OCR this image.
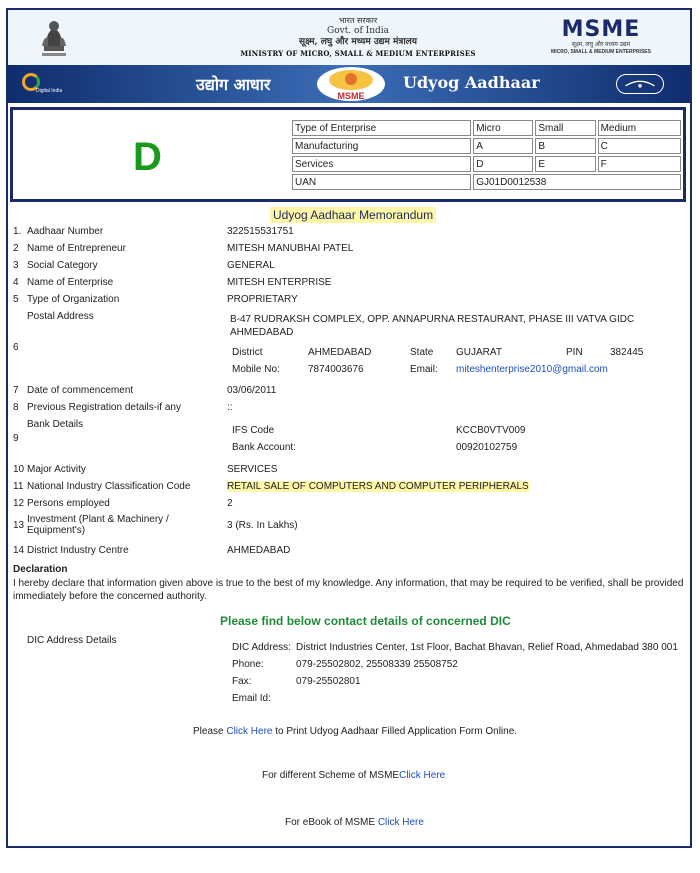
भारत सरकार
Govt. of India
सूक्ष्म, लघु और मध्यम उद्यम मंत्रालय
MINISTRY OF MICRO, SMALL & MEDIUM ENTERPRISES
MSME
सूक्ष्म, लघु और मध्यम उद्यम
MICRO, SMALL & MEDIUM ENTERPRISES
Digital India	उद्योग आधार
MSME
Udyog Aadhaar
D
Type of Enterprise	Micro	Small	Medium
Manufacturing	A	B	C
Services	D	E	F
UAN	GJ01D0012538		
Udyog Aadhaar Memorandum
1. Aadhaar Number	322515531751
2 Name of Entrepreneur	MITESH MANUBHAI PATEL
3 Social Category	GENERAL
4 Name of Enterprise	MITESH ENTERPRISE
5 Type of Organization	PROPRIETARY
Postal Address	B-47 RUDRAKSH COMPLEX, OPP. ANNAPURNA RESTAURANT, PHASE III VATVA GIDC
AHMEDABAD
6	District	AHMEDABAD	State GUJARAT	PIN	382445
Mobile No:	7874003676	Email: miteshenterprise2010@gmail.com
7 Date of commencement	03/06/2011
8 Previous Registration details-if any	::
Bank Details
IFS Code	KCCB0VTV009
9
Bank Account:	00920102759
10 Major Activity	SERVICES
11 National Industry Classification Code	RETAIL SALE OF COMPUTERS AND COMPUTER PERIPHERALS
12 Persons employed	2
Investment (Plant & Machinery /
13	3 (Rs. In Lakhs)
Equipment's)
14 District Industry Centre	AHMEDABAD
Declaration
I hereby declare that information given above is true to the best of my knowledge. Any information, that may be required to be verified, shall be provided immediately before the concerned authority.
Please find below contact details of concerned DIC
DIC Address Details
DIC Address: District Industries Center, 1st Floor, Bachat Bhavan, Relief Road, Ahmedabad 380 001
Phone:	079-25502802, 25508339 25508752
Fax:	079-25502801
Email Id:
Please Click Here to Print Udyog Aadhaar Filled Application Form Online.
For different Scheme of MSMEClick Here
For eBook of MSME Click Here
